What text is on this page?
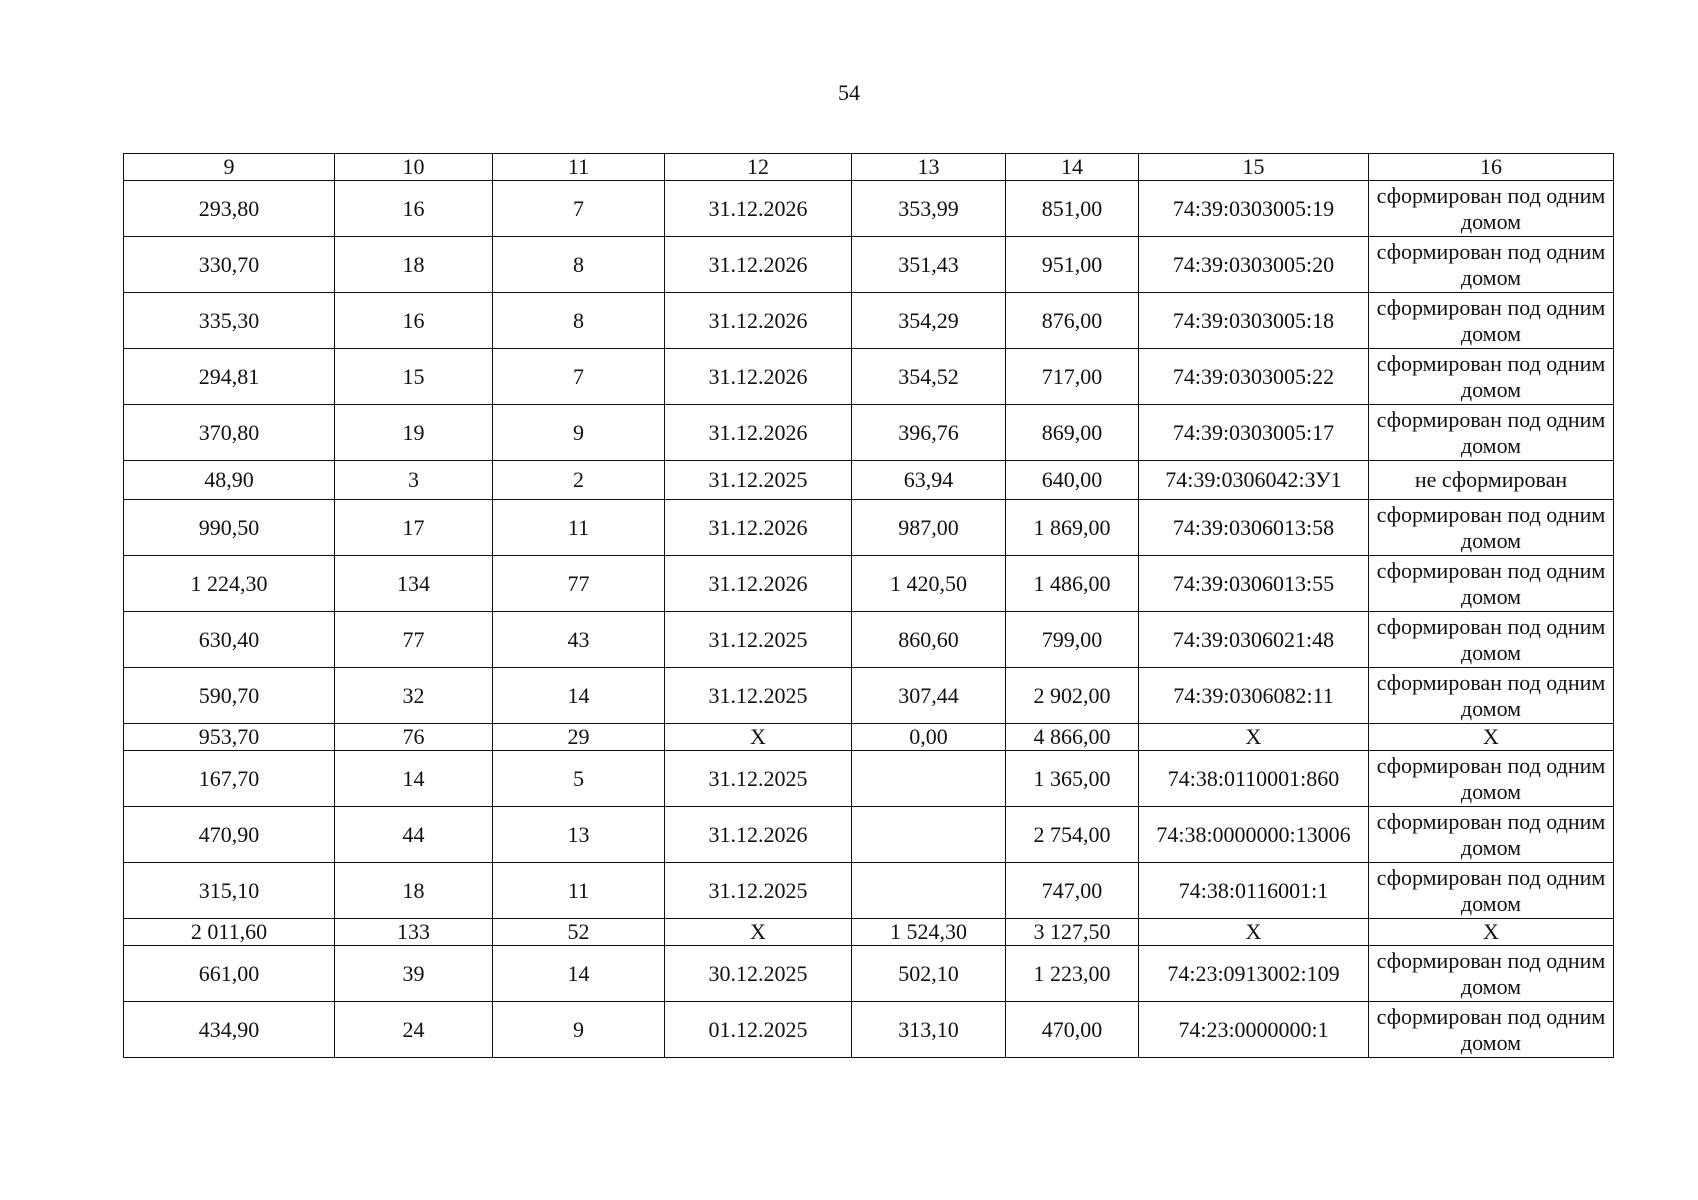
54
9	10	11	12	13	14	15	16
293,80	16	7	31.12.2026	353,99	851,00	74:39:0303005:19	сформирован под одним домом
330,70	18	8	31.12.2026	351,43	951,00	74:39:0303005:20	сформирован под одним домом
335,30	16	8	31.12.2026	354,29	876,00	74:39:0303005:18	сформирован под одним домом
294,81	15	7	31.12.2026	354,52	717,00	74:39:0303005:22	сформирован под одним домом
370,80	19	9	31.12.2026	396,76	869,00	74:39:0303005:17	сформирован под одним домом
48,90	3	2	31.12.2025	63,94	640,00	74:39:0306042:ЗУ1	не сформирован
990,50	17	11	31.12.2026	987,00	1 869,00	74:39:0306013:58	сформирован под одним домом
1 224,30	134	77	31.12.2026	1 420,50	1 486,00	74:39:0306013:55	сформирован под одним домом
630,40	77	43	31.12.2025	860,60	799,00	74:39:0306021:48	сформирован под одним домом
590,70	32	14	31.12.2025	307,44	2 902,00	74:39:0306082:11	сформирован под одним домом
953,70	76	29	X	0,00	4 866,00	X	X
167,70	14	5	31.12.2025		1 365,00	74:38:0110001:860	сформирован под одним домом
470,90	44	13	31.12.2026		2 754,00	74:38:0000000:13006	сформирован под одним домом
315,10	18	11	31.12.2025		747,00	74:38:0116001:1	сформирован под одним домом
2 011,60	133	52	X	1 524,30	3 127,50	X	X
661,00	39	14	30.12.2025	502,10	1 223,00	74:23:0913002:109	сформирован под одним домом
434,90	24	9	01.12.2025	313,10	470,00	74:23:0000000:1	сформирован под одним домом
